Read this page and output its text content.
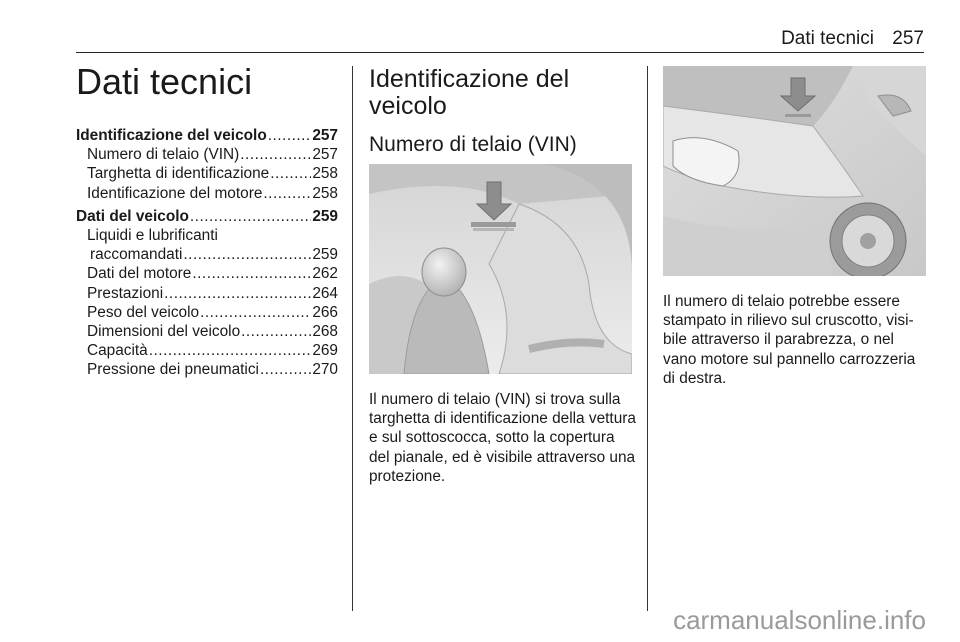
Dati tecnici 257
Dati tecnici
Identificazione del veicolo .....	257
Numero di telaio (VIN) .....	257
Targhetta di identificazione .....	258
Identificazione del motore .....	258
Dati del veicolo .....	259
Liquidi e lubrificanti
raccomandati .....	259
Dati del motore .....	262
Prestazioni .....	264
Peso del veicolo .....	266
Dimensioni del veicolo .....	268
Capacità .....	269
Pressione dei pneumatici .....	270
Identificazione del veicolo
Numero di telaio (VIN)

Il numero di telaio (VIN) si trova sulla targhetta di identificazione della vettura e sul sottoscocca, sotto la copertura del pianale, ed è visibile attraverso una protezione.

Il numero di telaio potrebbe essere stampato in rilievo sul cruscotto, visi-bile attraverso il parabrezza, o nel vano motore sul pannello carrozzeria di destra.

carmanualsonline.info
